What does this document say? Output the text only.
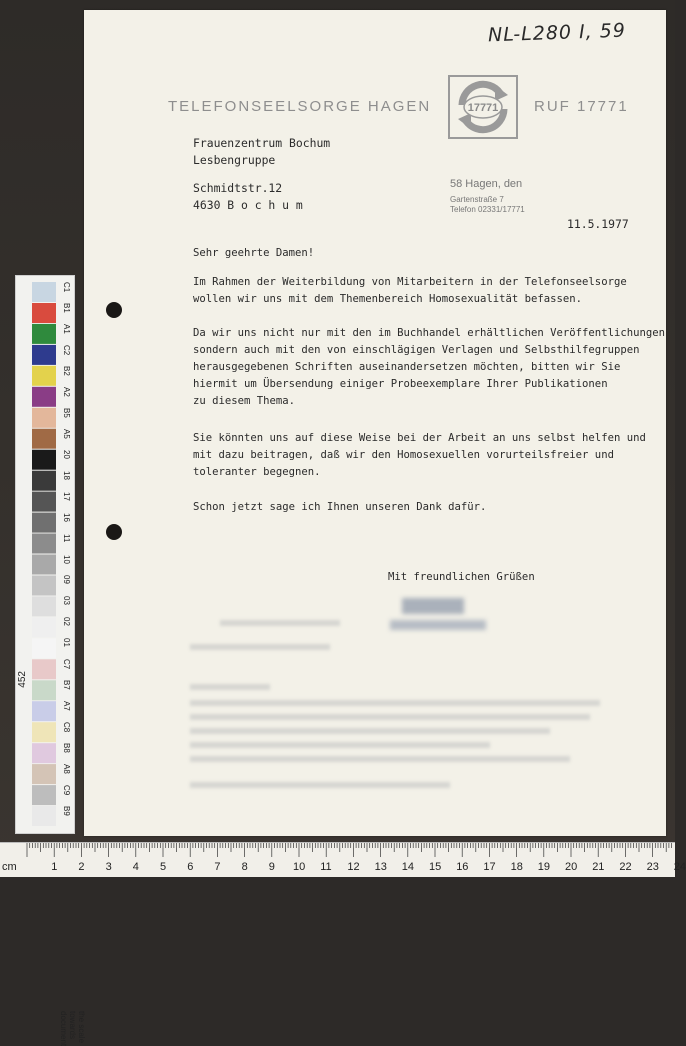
NL-L280 I, 59
TELEFONSEELSORGE HAGEN	17771 RUF 17771
Frauenzentrum Bochum
Lesbengruppe
Schmidtstr.12
4630 B o c h u m
58 Hagen, den
Gartenstraße 7
Telefon 02331/17771
11.5.1977
Sehr geehrte Damen!
Im Rahmen der Weiterbildung von Mitarbeitern in der Telefonseelsorge
wollen wir uns mit dem Themenbereich Homosexualität befassen.
Da wir uns nicht nur mit den im Buchhandel erhältlichen Veröffentlichungen
sondern auch mit den von einschlägigen Verlagen und Selbsthilfegruppen
herausgegebenen Schriften auseinandersetzen möchten, bitten wir Sie
hiermit um Übersendung einiger Probeexemplare Ihrer Publikationen
zu diesem Thema.
Sie könnten uns auf diese Weise bei der Arbeit an uns selbst helfen und
mit dazu beitragen, daß wir den Homosexuellen vorurteilsfreier und
toleranter begegnen.
Schon jetzt sage ich Ihnen unseren Dank dafür.
Mit freundlichen Grüßen
C1
B1
A1
C2
B2
A2
B5
A5
20
18
17
16
11
10
09
03
02
01
C7
B7
A7
C8
B8
A8
C9
B9
452
the scale towards document
cm	1 2 3 4 5 6 7 8 9 10 11 12 13 14 15 16 17 18 19 20 21 22 23 24
